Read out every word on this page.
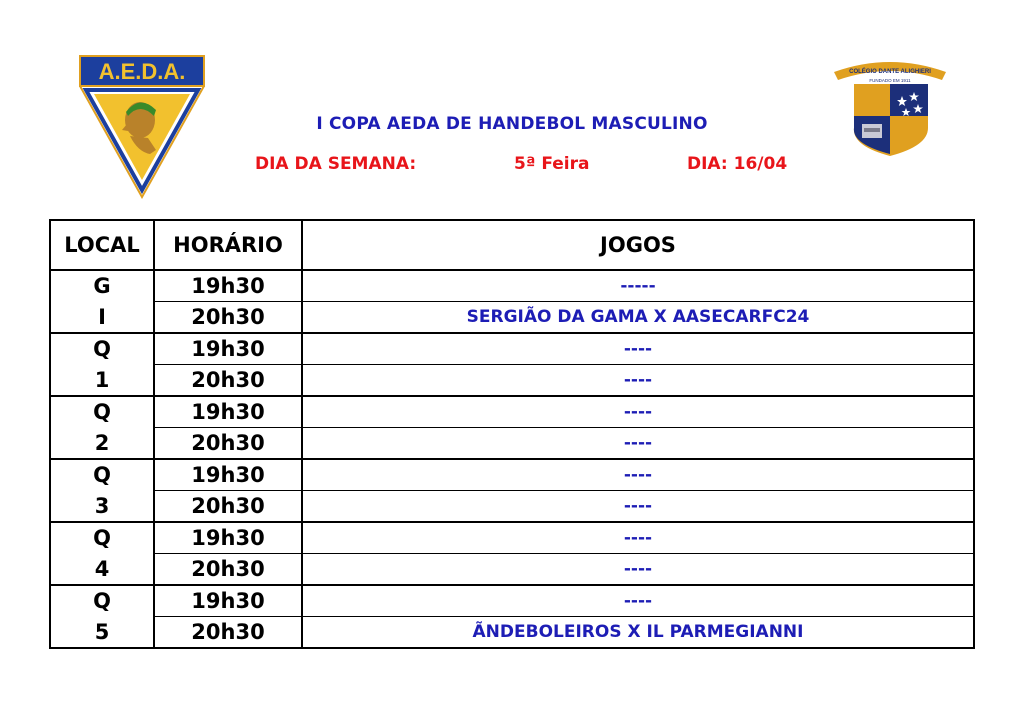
A.E.D.A.	COLÉGIO DANTE ALIGHIERI
FUNDADO EM 1911
I COPA AEDA DE HANDEBOL MASCULINO
DIA DA SEMANA:	5ª Feira	DIA: 16/04
LOCAL	HORÁRIO	JOGOS
G	19h30	-----
I	20h30	SERGIÃO DA GAMA X AASECARFC24
Q	19h30	----
1	20h30	----
Q	19h30	----
2	20h30	----
Q	19h30	----
3	20h30	----
Q	19h30	----
4	20h30	----
Q	19h30	----
5	20h30	ÃNDEBOLEIROS X IL PARMEGIANNI
